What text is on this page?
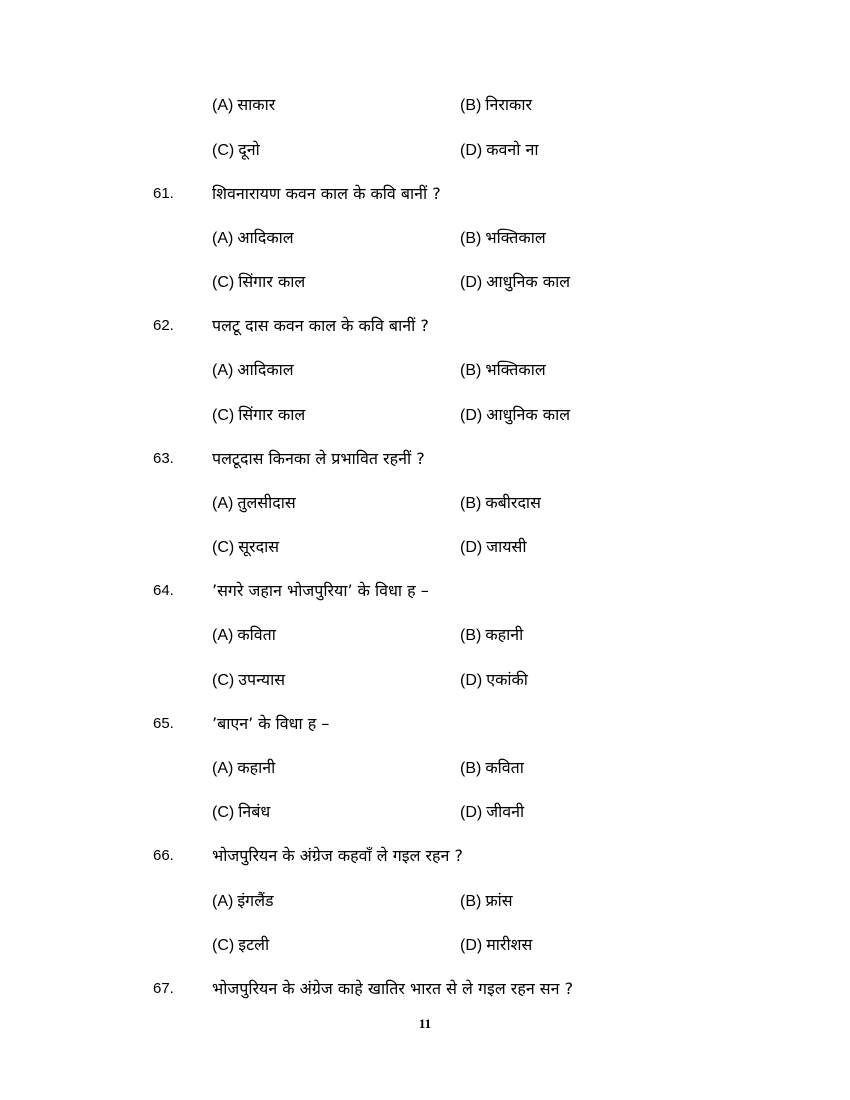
(A) साकार	(B) निराकार
(C) दूनो	(D) कवनो ना
61. शिवनारायण कवन काल के कवि बानीं ?
(A) आदिकाल	(B) भक्तिकाल
(C) सिंगार काल	(D) आधुनिक काल
62. पलटू दास कवन काल के कवि बानीं ?
(A) आदिकाल	(B) भक्तिकाल
(C) सिंगार काल	(D) आधुनिक काल
63. पलटूदास किनका ले प्रभावित रहनीं ?
(A) तुलसीदास	(B) कबीरदास
(C) सूरदास	(D) जायसी
64. ’सगरे जहान भोजपुरिया’ के विधा ह –
(A) कविता	(B) कहानी
(C) उपन्यास	(D) एकांकी
65. ’बाएन’ के विधा ह –
(A) कहानी	(B) कविता
(C) निबंध	(D) जीवनी
66. भोजपुरियन के अंग्रेज कहवाँ ले गइल रहन ?
(A) इंगलैंड	(B) फ्रांस
(C) इटली	(D) मारीशस
67. भोजपुरियन के अंग्रेज काहे खातिर भारत से ले गइल रहन सन ?
11
